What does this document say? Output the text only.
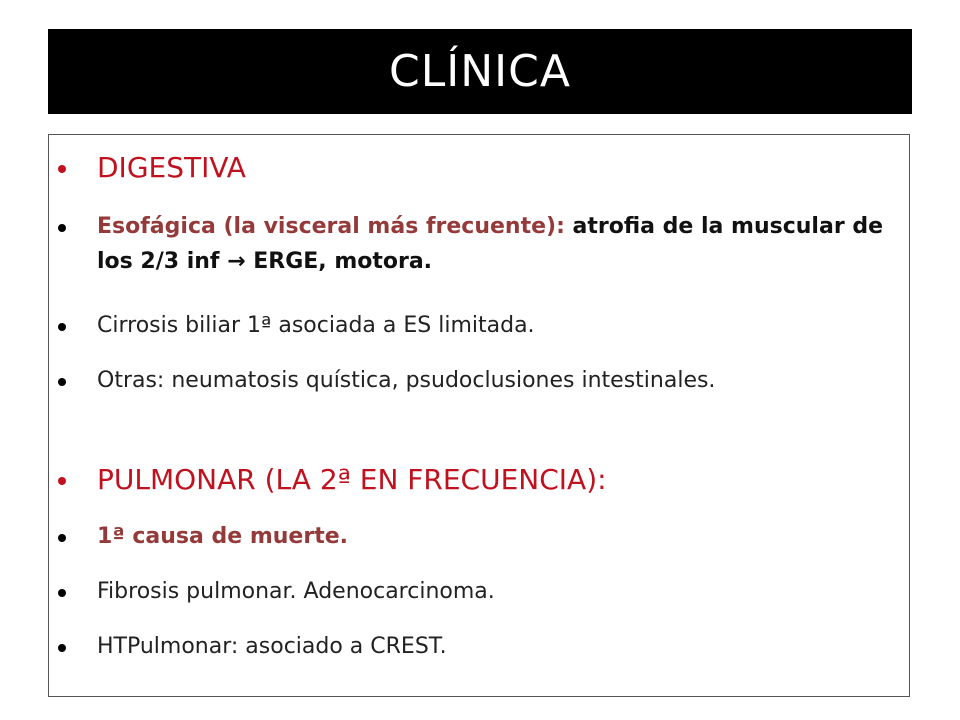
CLÍNICA
DIGESTIVA
Esofágica (la visceral más frecuente): atrofia de la muscular de los 2/3 inf → ERGE, motora.
Cirrosis biliar 1ª asociada a ES limitada.
Otras: neumatosis quística, psudoclusiones intestinales.
PULMONAR (LA 2ª EN FRECUENCIA):
1ª causa de muerte.
Fibrosis pulmonar. Adenocarcinoma.
HTPulmonar: asociado a CREST.
